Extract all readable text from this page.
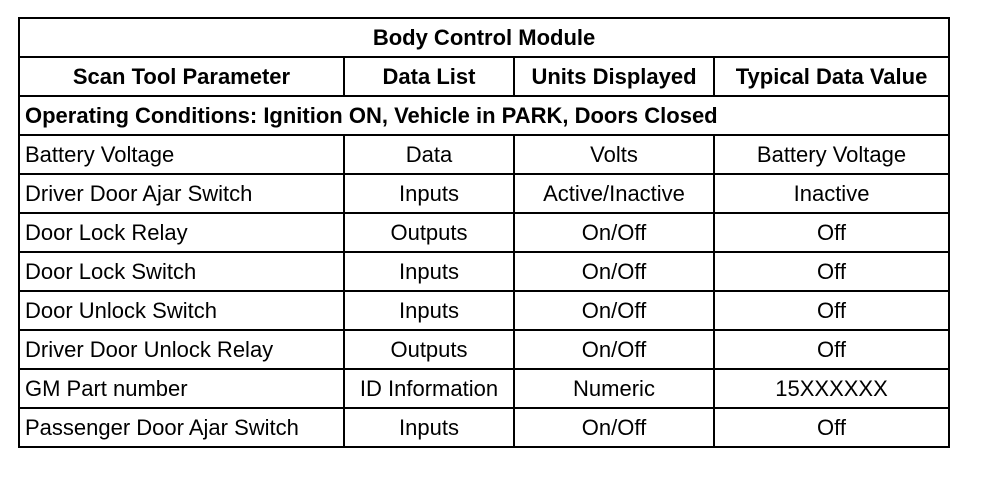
Body Control Module			
Scan Tool Parameter	Data List	Units Displayed	Typical Data Value
Operating Conditions: Ignition ON, Vehicle in PARK, Doors Closed			
Battery Voltage	Data	Volts	Battery Voltage
Driver Door Ajar Switch	Inputs	Active/Inactive	Inactive
Door Lock Relay	Outputs	On/Off	Off
Door Lock Switch	Inputs	On/Off	Off
Door Unlock Switch	Inputs	On/Off	Off
Driver Door Unlock Relay	Outputs	On/Off	Off
GM Part number	ID Information	Numeric	15XXXXXX
Passenger Door Ajar Switch	Inputs	On/Off	Off
